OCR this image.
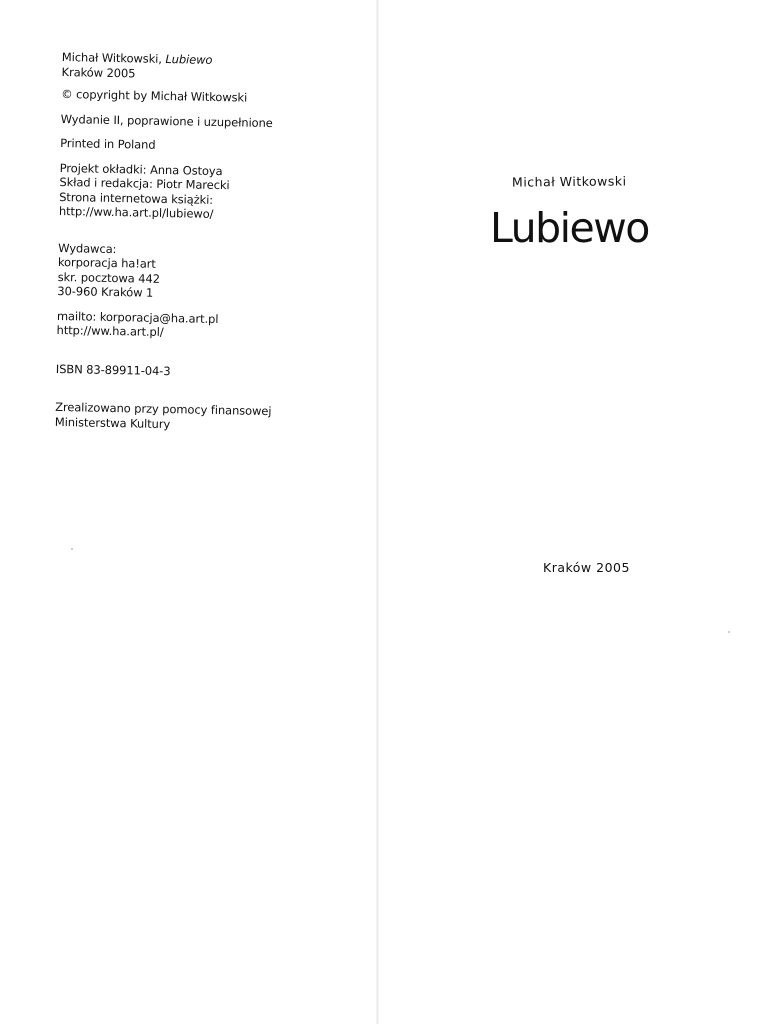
Michał Witkowski, Lubiewo
Kraków 2005
© copyright by Michał Witkowski
Wydanie II, poprawione i uzupełnione
Printed in Poland
Projekt okładki: Anna Ostoya
Skład i redakcja: Piotr Marecki
Strona internetowa książki:
http://ww.ha.art.pl/lubiewo/
Wydawca:
korporacja ha!art
skr. pocztowa 442
30-960 Kraków 1
mailto: korporacja@ha.art.pl
http://ww.ha.art.pl/
ISBN 83-89911-04-3
Zrealizowano przy pomocy finansowej
Ministerstwa Kultury
Michał Witkowski
Lubiewo
Kraków 2005
